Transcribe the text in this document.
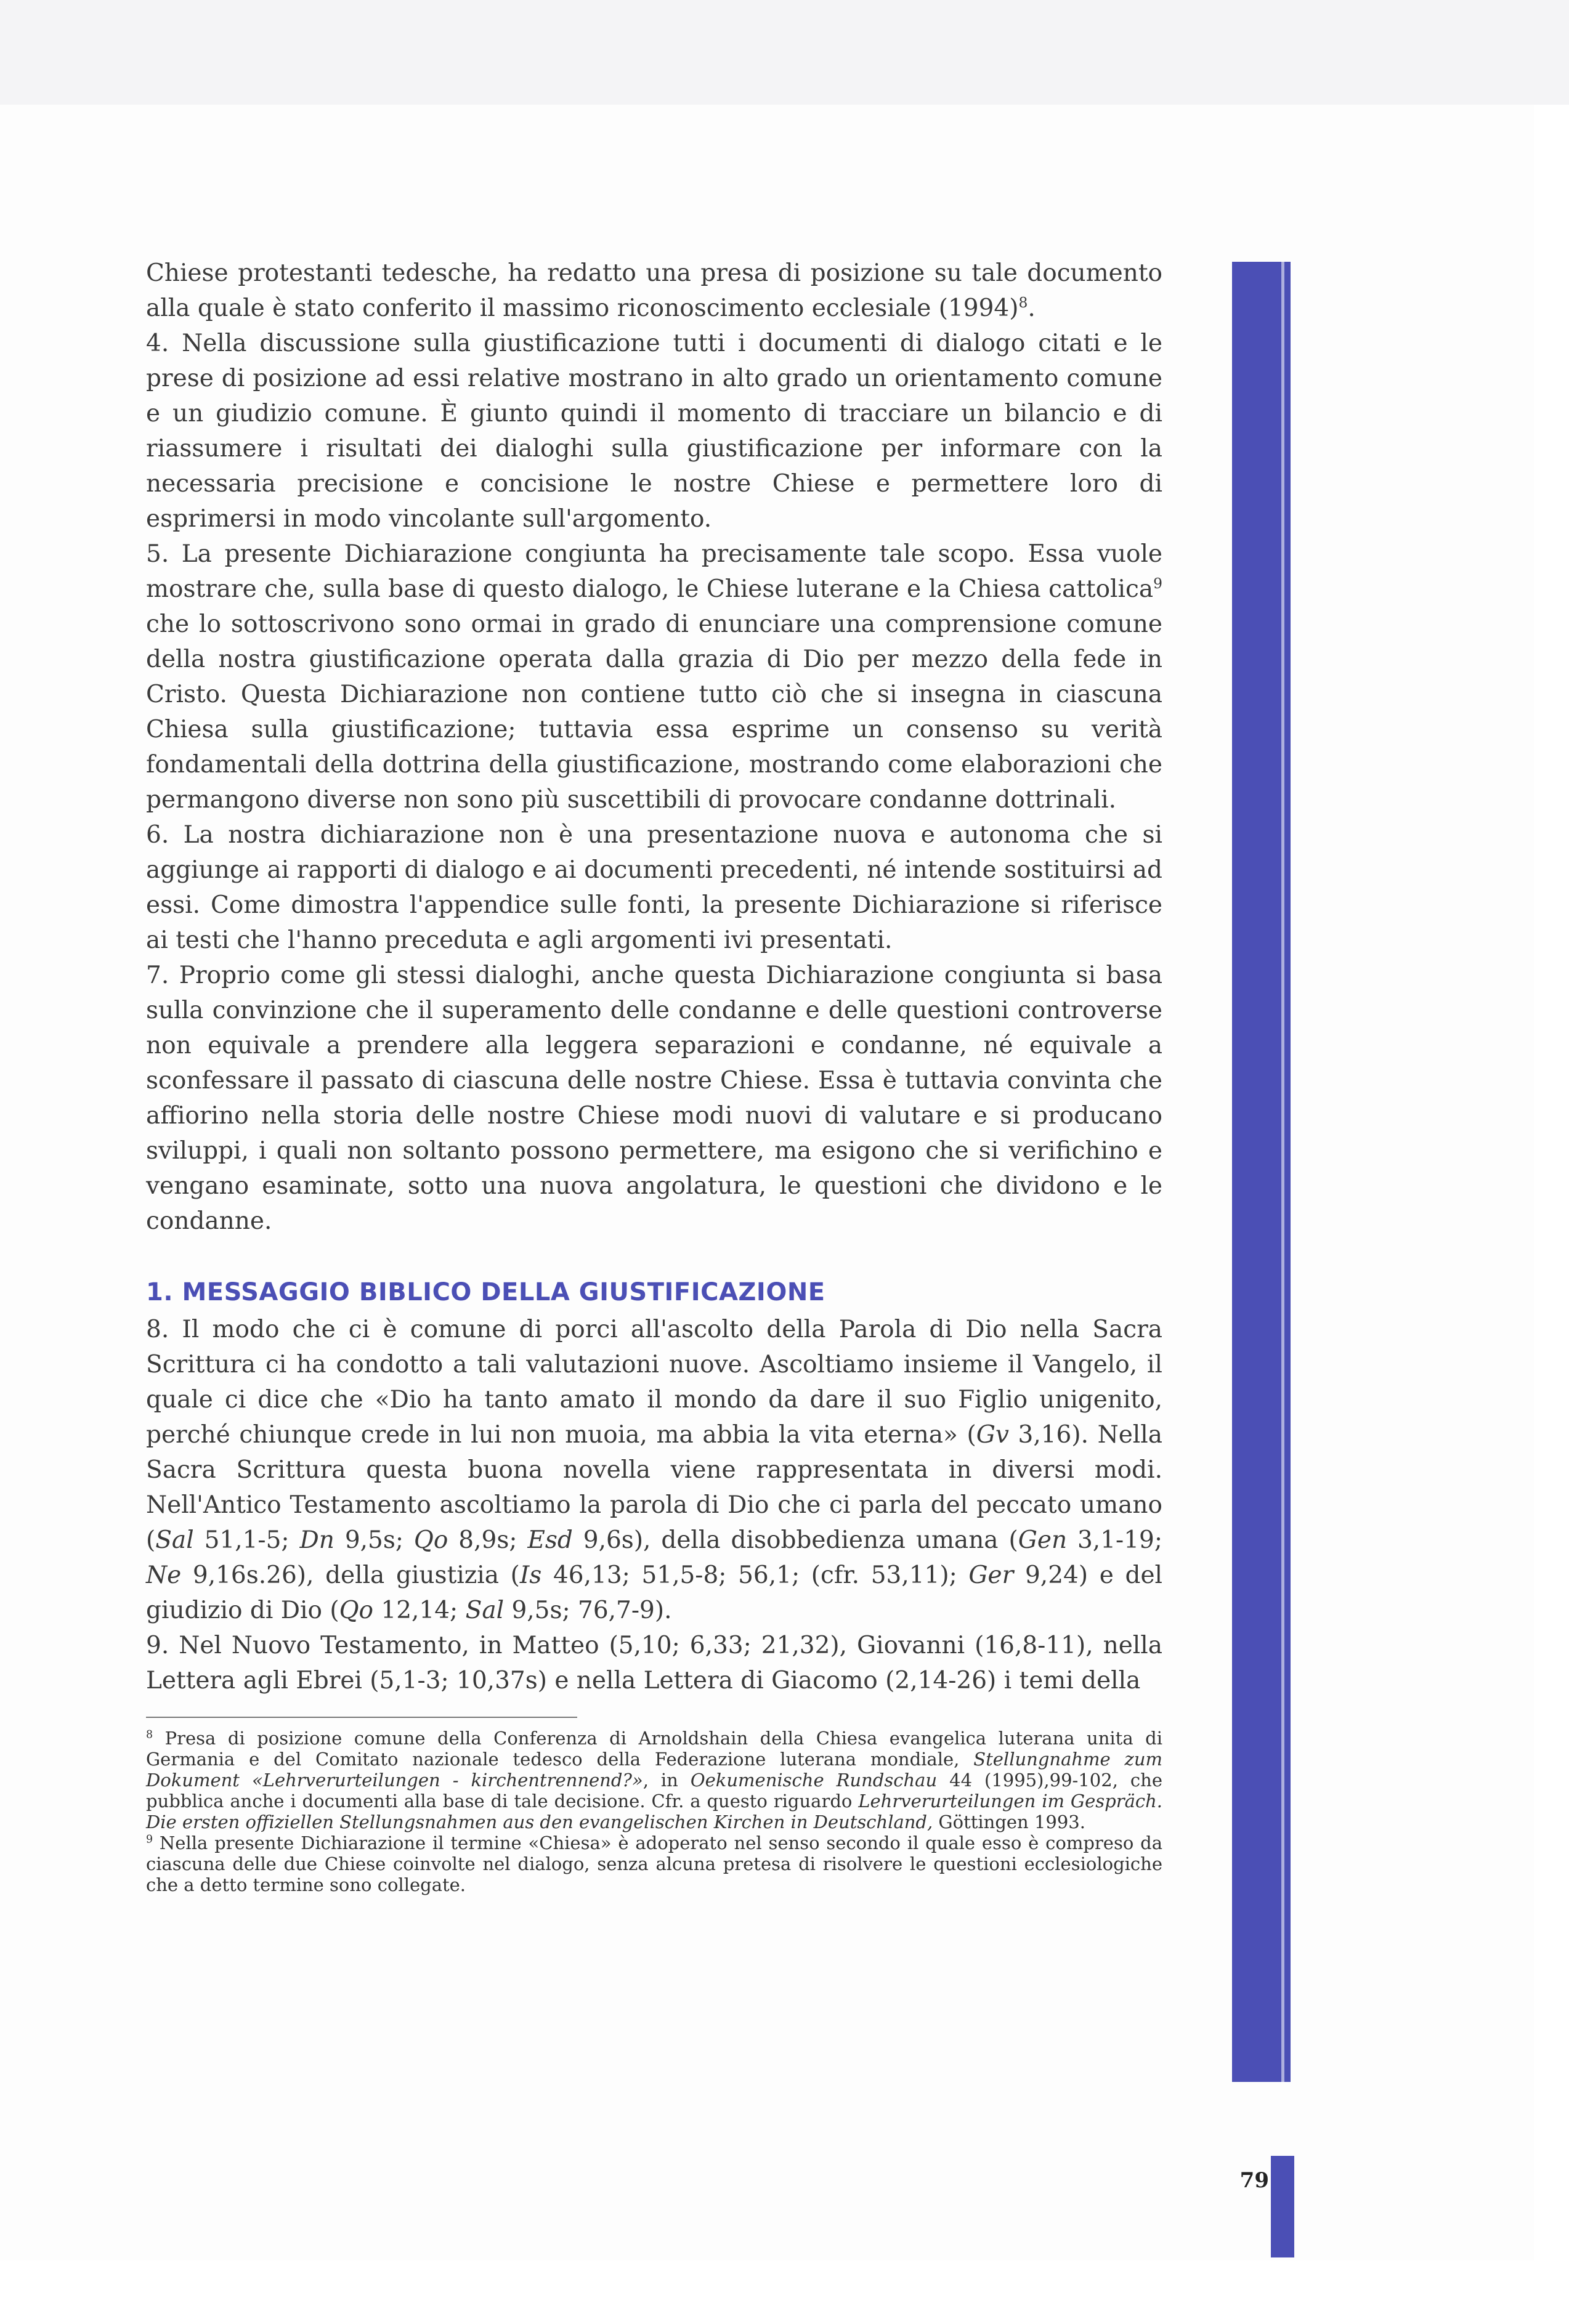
79

Chiese protestanti tedesche, ha redatto una presa di posizione su tale documento alla quale è stato conferito il massimo riconoscimento ecclesiale $(1994)^8$.

4. Nella discussione sulla giustificazione tutti i documenti di dialogo citati e le prese di posizione ad essi relative mostrano in alto grado un orientamento comune e un giudizio comune. È giunto quindi il momento di tracciare un bilancio e di riassumere i risultati dei dialoghi sulla giustificazione per informare con la necessaria precisione e concisione le nostre Chiese e permettere loro di esprimersi in modo vincolante sull'argomento.

5. La presente Dichiarazione congiunta ha precisamente tale scopo. Essa vuole mostrare che, sulla base di questo dialogo, le Chiese luterane e la Chiesa cattolica$^9$ che lo sottoscrivono sono ormai in grado di enunciare una comprensione comune della nostra giustificazione operata dalla grazia di Dio per mezzo della fede in Cristo. Questa Dichiarazione non contiene tutto ciò che si insegna in ciascuna Chiesa sulla giustificazione; tuttavia essa esprime un consenso su verità fondamentali della dottrina della giustificazione, mostrando come elaborazioni che permangono diverse non sono più suscettibili di provocare condanne dottrinali.

6. La nostra dichiarazione non è una presentazione nuova e autonoma che si aggiunge ai rapporti di dialogo e ai documenti precedenti, né intende sostituirsi ad essi. Come dimostra l'appendice sulle fonti, la presente Dichiarazione si riferisce ai testi che l'hanno preceduta e agli argomenti ivi presentati.

7. Proprio come gli stessi dialoghi, anche questa Dichiarazione congiunta si basa sulla convinzione che il superamento delle condanne e delle questioni controverse non equivale a prendere alla leggera separazioni e condanne, né equivale a sconfessare il passato di ciascuna delle nostre Chiese. Essa è tuttavia convinta che affiorino nella storia delle nostre Chiese modi nuovi di valutare e si producano sviluppi, i quali non soltanto possono permettere, ma esigono che si verifichino e vengano esaminate, sotto una nuova angolatura, le questioni che dividono e le condanne.

1. MESSAGGIO BIBLICO DELLA GIUSTIFICAZIONE

8. Il modo che ci è comune di porci all'ascolto della Parola di Dio nella Sacra Scrittura ci ha condotto a tali valutazioni nuove. Ascoltiamo insieme il Vangelo, il quale ci dice che «Dio ha tanto amato il mondo da dare il suo Figlio unigenito, perché chiunque crede in lui non muoia, ma abbia la vita eterna» (Gv 3,16). Nella Sacra Scrittura questa buona novella viene rappresentata in diversi modi. Nell'Antico Testamento ascoltiamo la parola di Dio che ci parla del peccato umano (Sal 51,1-5; Dn 9,5s; Qo 8,9s; Esd 9,6s), della disobbedienza umana (Gen 3,1-19; Ne 9,16s.26), della giustizia (Is 46,13; 51,5-8; 56,1; (cfr. 53,11); Ger 9,24) e del giudizio di Dio (Qo 12,14; Sal 9,5s; 76,7-9).

9. Nel Nuovo Testamento, in Matteo (5,10; 6,33; 21,32), Giovanni (16,8-11), nella Lettera agli Ebrei (5,1-3; 10,37s) e nella Lettera di Giacomo (2,14-26) i temi della

$^8$ Presa di posizione comune della Conferenza di Arnoldshain della Chiesa evangelica luterana unita di Germania e del Comitato nazionale tedesco della Federazione luterana mondiale, Stellungnahme zum Dokument «Lehrverurteilungen - kirchentrennend?», in Oekumenische Rundschau 44 (1995),99-102, che pubblica anche i documenti alla base di tale decisione. Cfr. a questo riguardo Lehrverurteilungen im Gespräch. Die ersten offiziellen Stellungsnahmen aus den evangelischen Kirchen in Deutschland, Göttingen 1993.

$^9$ Nella presente Dichiarazione il termine «Chiesa» è adoperato nel senso secondo il quale esso è compreso da ciascuna delle due Chiese coinvolte nel dialogo, senza alcuna pretesa di risolvere le questioni ecclesiologiche che a detto termine sono collegate.
